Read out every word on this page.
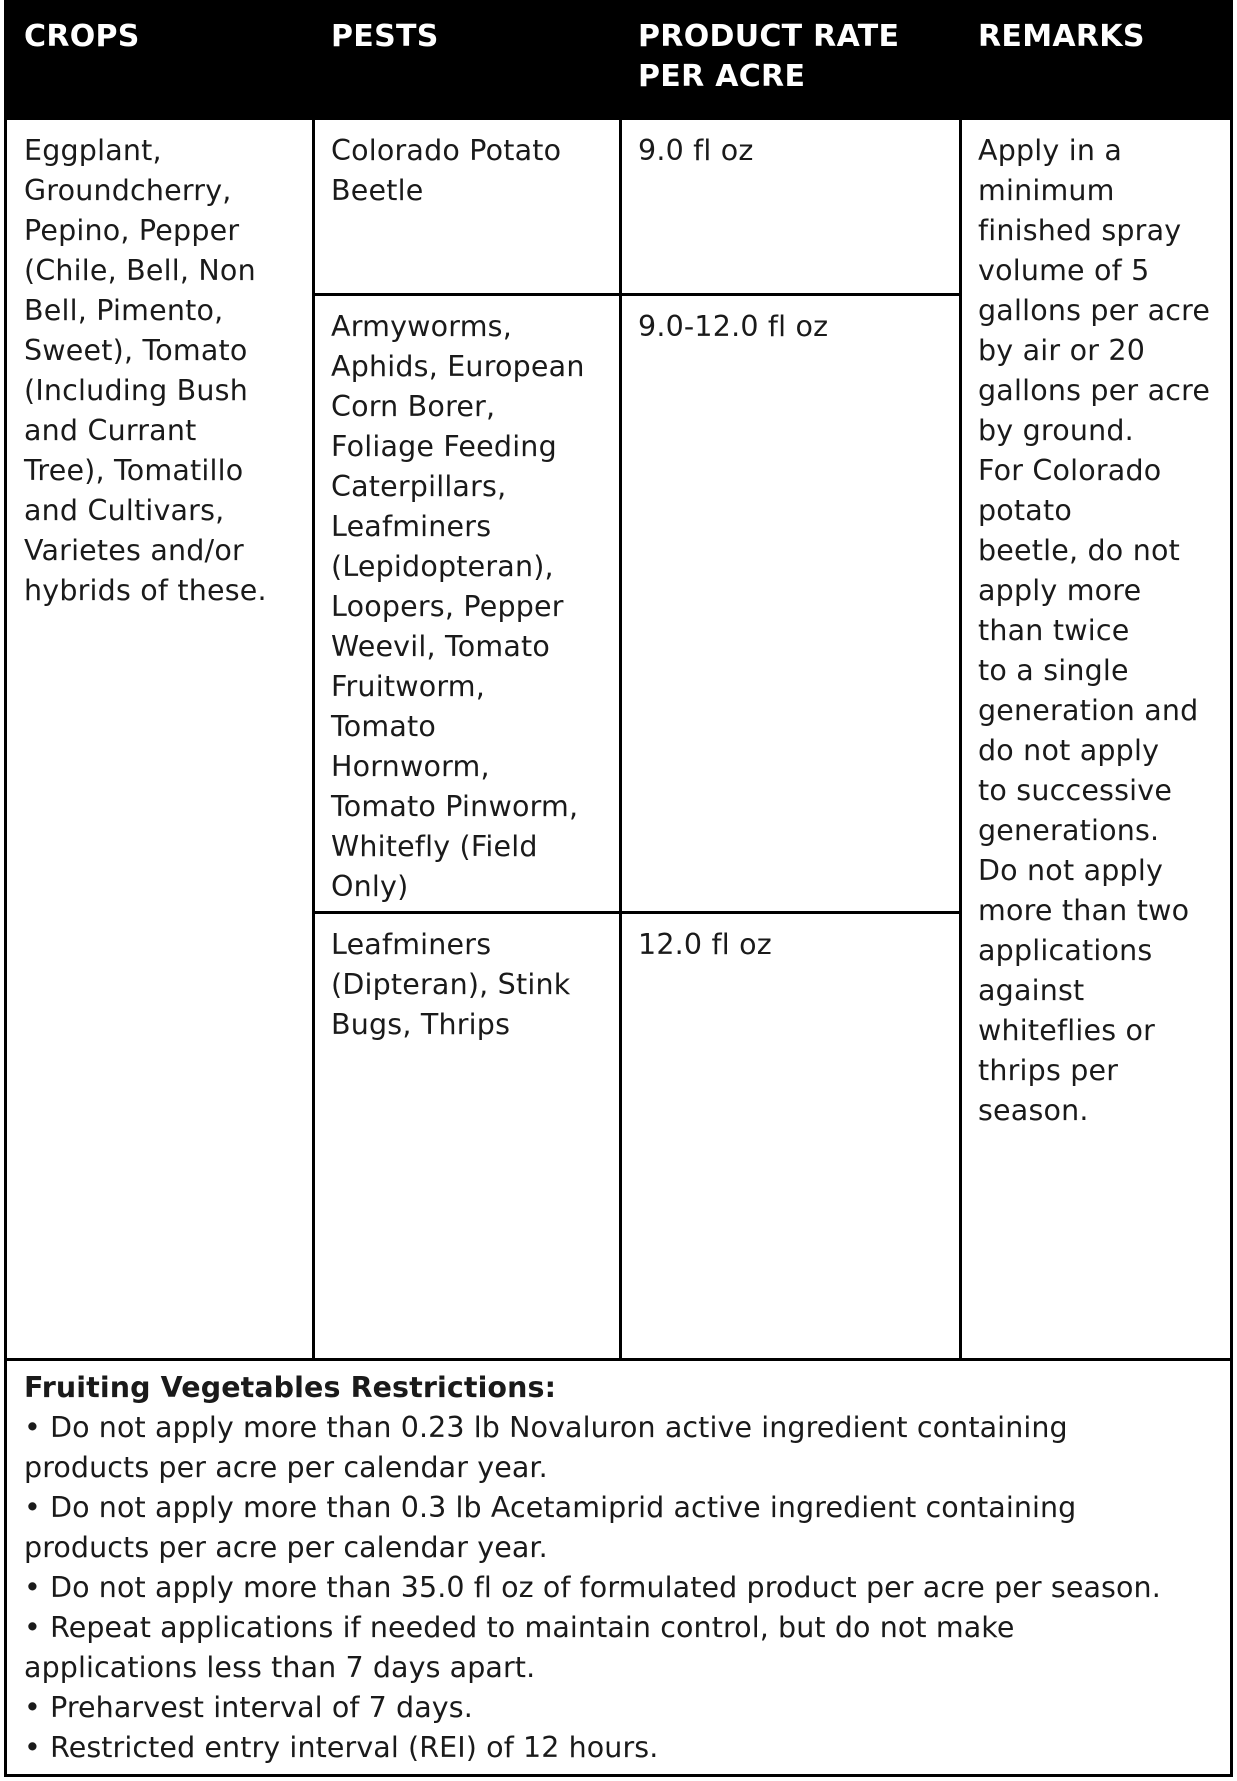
CROPS	PESTS	PRODUCT RATE
PER ACRE
REMARKS
Eggplant,
Groundcherry,
Pepino, Pepper
(Chile, Bell, Non
Bell, Pimento,
Sweet), Tomato
(Including Bush
and Currant
Tree), Tomatillo
and Cultivars,
Varietes and/or
hybrids of these.
Colorado Potato
Beetle
9.0 fl oz
Armyworms,
Aphids, European
Corn Borer,
Foliage Feeding
Caterpillars,
Leafminers
(Lepidopteran),
Loopers, Pepper
Weevil, Tomato
Fruitworm,
Tomato
Hornworm,
Tomato Pinworm,
Whitefly (Field
Only)
9.0-12.0 fl oz
Leafminers
(Dipteran), Stink
Bugs, Thrips
12.0 fl oz
Apply in a
minimum
finished spray
volume of 5
gallons per acre
by air or 20
gallons per acre
by ground.
For Colorado
potato
beetle, do not
apply more
than twice
to a single
generation and
do not apply
to successive
generations.
Do not apply
more than two
applications
against
whiteflies or
thrips per
season.
Fruiting Vegetables Restrictions:
• Do not apply more than 0.23 lb Novaluron active ingredient containing
products per acre per calendar year.
• Do not apply more than 0.3 lb Acetamiprid active ingredient containing
products per acre per calendar year.
• Do not apply more than 35.0 fl oz of formulated product per acre per season.
• Repeat applications if needed to maintain control, but do not make
applications less than 7 days apart.
• Preharvest interval of 7 days.
• Restricted entry interval (REI) of 12 hours.
